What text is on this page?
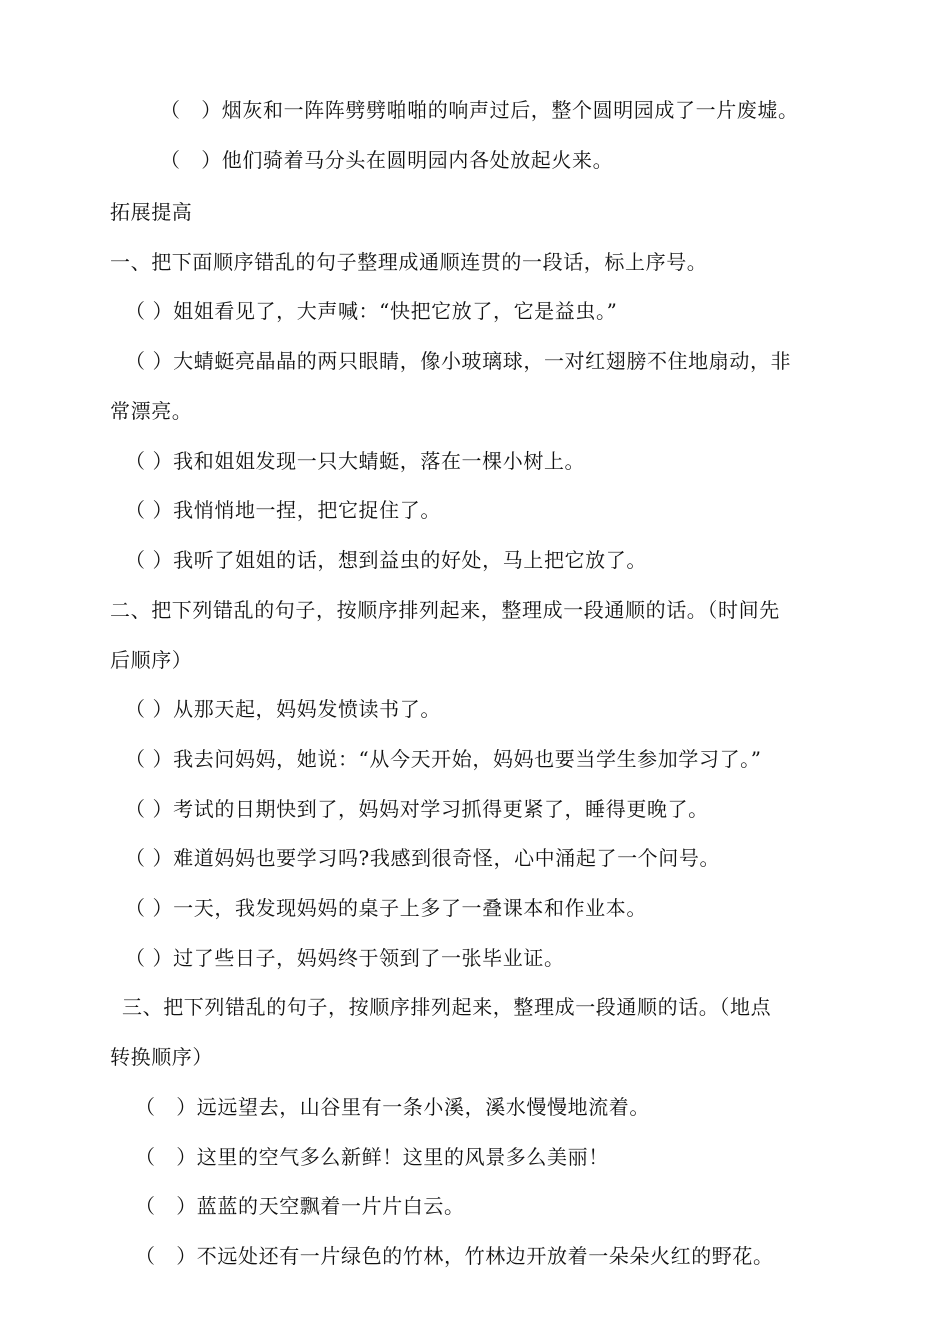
（　）烟灰和一阵阵劈劈啪啪的响声过后，整个圆明园成了一片废墟。
（　）他们骑着马分头在圆明园内各处放起火来。
拓展提高
一、把下面顺序错乱的句子整理成通顺连贯的一段话，标上序号。
（ ）姐姐看见了，大声喊：“快把它放了，它是益虫。”
（ ）大蜻蜓亮晶晶的两只眼睛，像小玻璃球，一对红翅膀不住地扇动，非
常漂亮。
（ ）我和姐姐发现一只大蜻蜓，落在一棵小树上。
（ ）我悄悄地一捏，把它捉住了。
（ ）我听了姐姐的话，想到益虫的好处，马上把它放了。
二、把下列错乱的句子，按顺序排列起来，整理成一段通顺的话。（时间先
后顺序）
（ ）从那天起，妈妈发愤读书了。
（ ）我去问妈妈，她说：“从今天开始，妈妈也要当学生参加学习了。”
（ ）考试的日期快到了，妈妈对学习抓得更紧了，睡得更晚了。
（ ）难道妈妈也要学习吗?我感到很奇怪，心中涌起了一个问号。
（ ）一天，我发现妈妈的桌子上多了一叠课本和作业本。
（ ）过了些日子，妈妈终于领到了一张毕业证。
三、把下列错乱的句子，按顺序排列起来，整理成一段通顺的话。（地点
转换顺序）
（　）远远望去，山谷里有一条小溪，溪水慢慢地流着。
（　）这里的空气多么新鲜！这里的风景多么美丽！
（　）蓝蓝的天空飘着一片片白云。
（　）不远处还有一片绿色的竹林，竹林边开放着一朵朵火红的野花。
